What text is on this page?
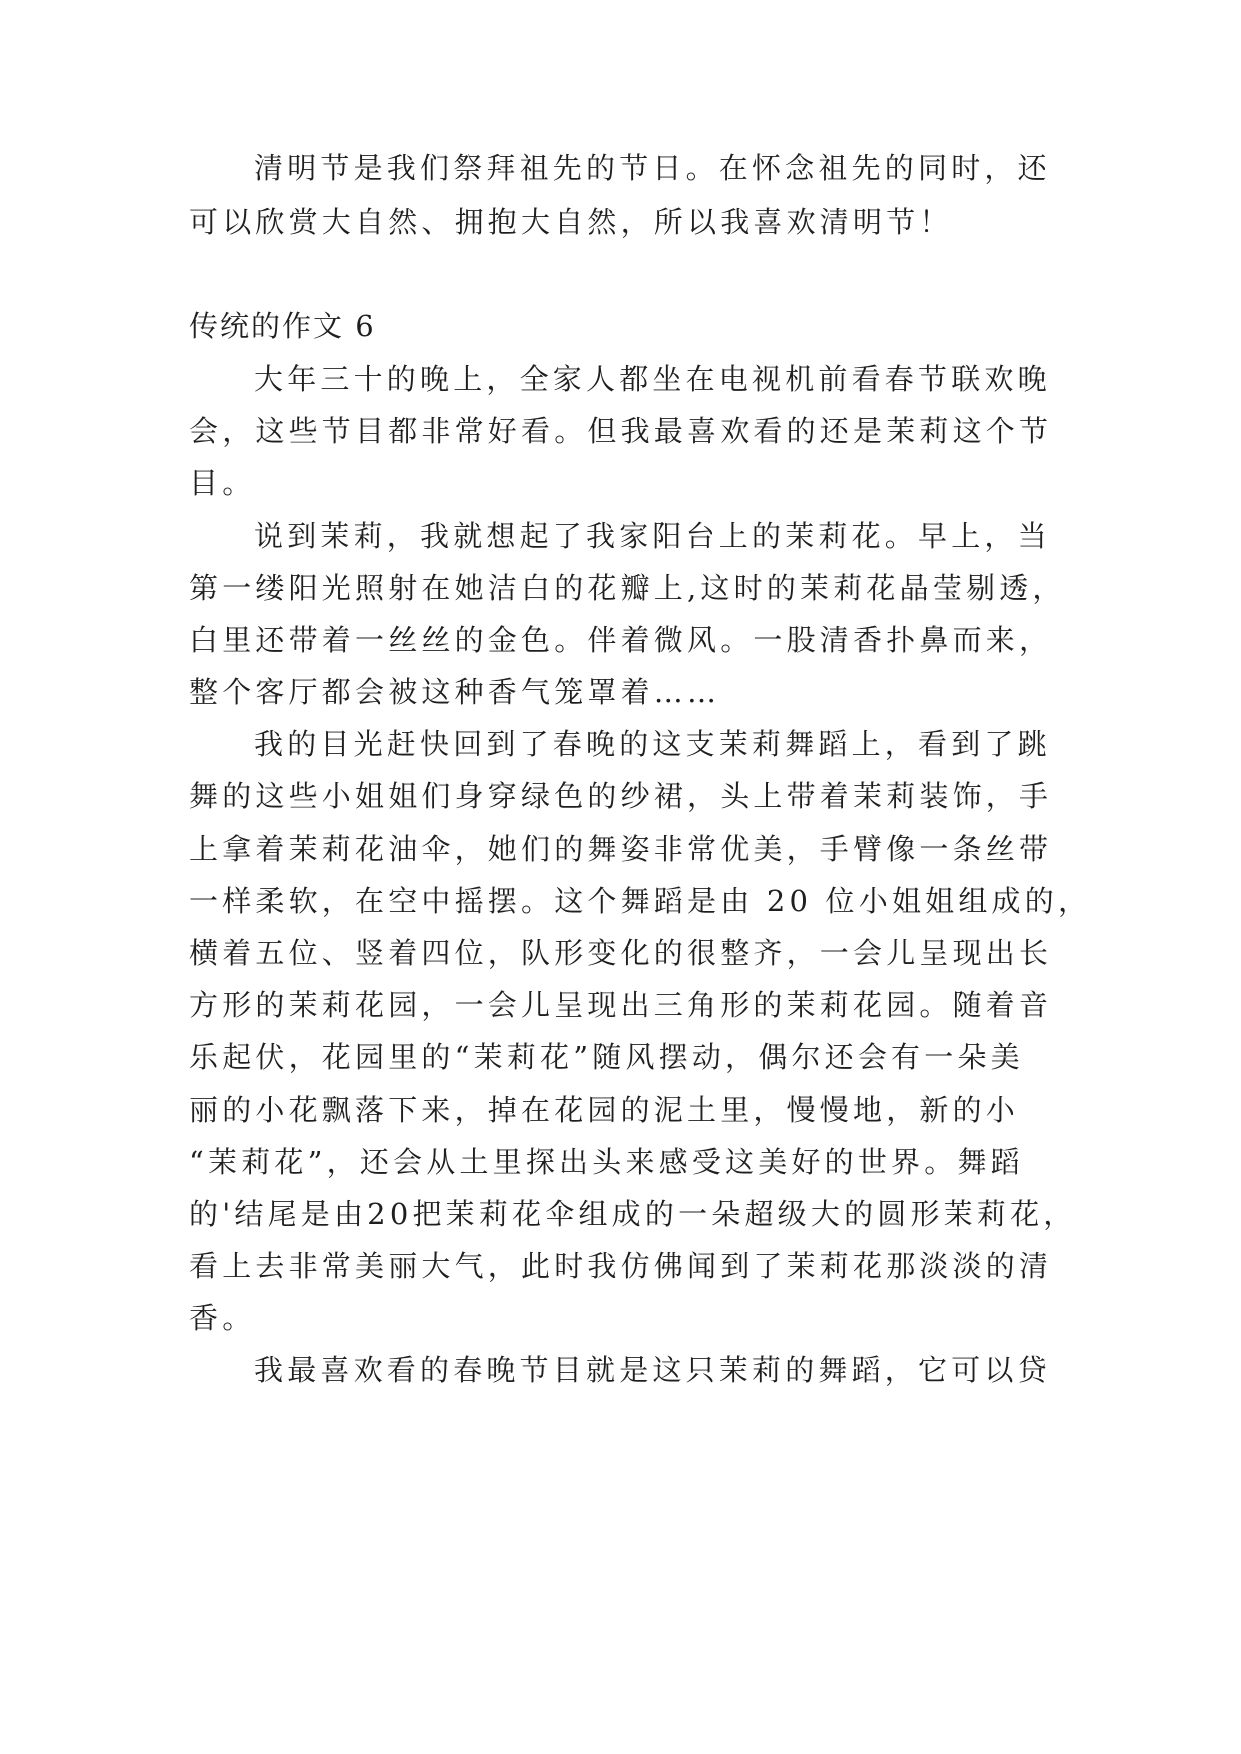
清明节是我们祭拜祖先的节日。在怀念祖先的同时，还
可以欣赏大自然、拥抱大自然，所以我喜欢清明节！
传统的作文 6
大年三十的晚上，全家人都坐在电视机前看春节联欢晚
会，这些节目都非常好看。但我最喜欢看的还是茉莉这个节
目。
说到茉莉，我就想起了我家阳台上的茉莉花。早上，当
第一缕阳光照射在她洁白的花瓣上,这时的茉莉花晶莹剔透，
白里还带着一丝丝的金色。伴着微风。一股清香扑鼻而来，
整个客厅都会被这种香气笼罩着……
我的目光赶快回到了春晚的这支茉莉舞蹈上，看到了跳
舞的这些小姐姐们身穿绿色的纱裙，头上带着茉莉装饰，手
上拿着茉莉花油伞，她们的舞姿非常优美，手臂像一条丝带
一样柔软，在空中摇摆。这个舞蹈是由 20 位小姐姐组成的，
横着五位、竖着四位，队形变化的很整齐，一会儿呈现出长
方形的茉莉花园，一会儿呈现出三角形的茉莉花园。随着音
乐起伏，花园里的“茉莉花”随风摆动，偶尔还会有一朵美
丽的小花飘落下来，掉在花园的泥土里，慢慢地，新的小
“茉莉花”，还会从土里探出头来感受这美好的世界。舞蹈
的'结尾是由20把茉莉花伞组成的一朵超级大的圆形茉莉花，
看上去非常美丽大气，此时我仿佛闻到了茉莉花那淡淡的清
香。
我最喜欢看的春晚节目就是这只茉莉的舞蹈，它可以贷
